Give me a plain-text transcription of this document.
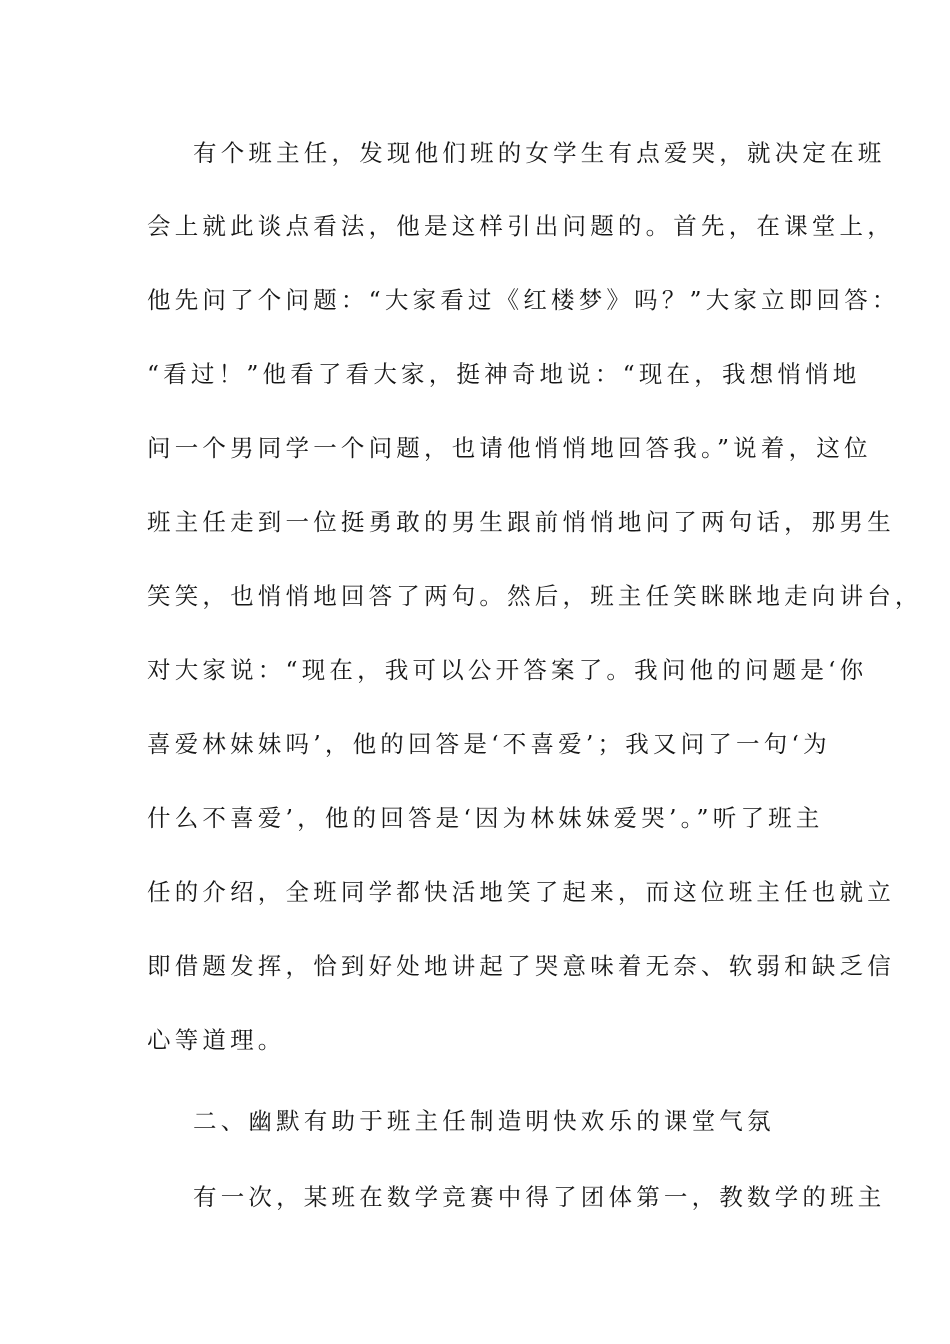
有个班主任，发现他们班的女学生有点爱哭，就决定在班
会上就此谈点看法，他是这样引出问题的。首先，在课堂上，
他先问了个问题：“大家看过《红楼梦》吗？”大家立即回答：
“看过！”他看了看大家，挺神奇地说：“现在，我想悄悄地
问一个男同学一个问题，也请他悄悄地回答我。”说着，这位
班主任走到一位挺勇敢的男生跟前悄悄地问了两句话，那男生
笑笑，也悄悄地回答了两句。然后，班主任笑眯眯地走向讲台，
对大家说：“现在，我可以公开答案了。我问他的问题是‘你
喜爱林妹妹吗’，他的回答是‘不喜爱’；我又问了一句‘为
什么不喜爱’，他的回答是‘因为林妹妹爱哭’。”听了班主
任的介绍，全班同学都快活地笑了起来，而这位班主任也就立
即借题发挥，恰到好处地讲起了哭意味着无奈、软弱和缺乏信
心等道理。
二、幽默有助于班主任制造明快欢乐的课堂气氛
有一次，某班在数学竞赛中得了团体第一，教数学的班主
